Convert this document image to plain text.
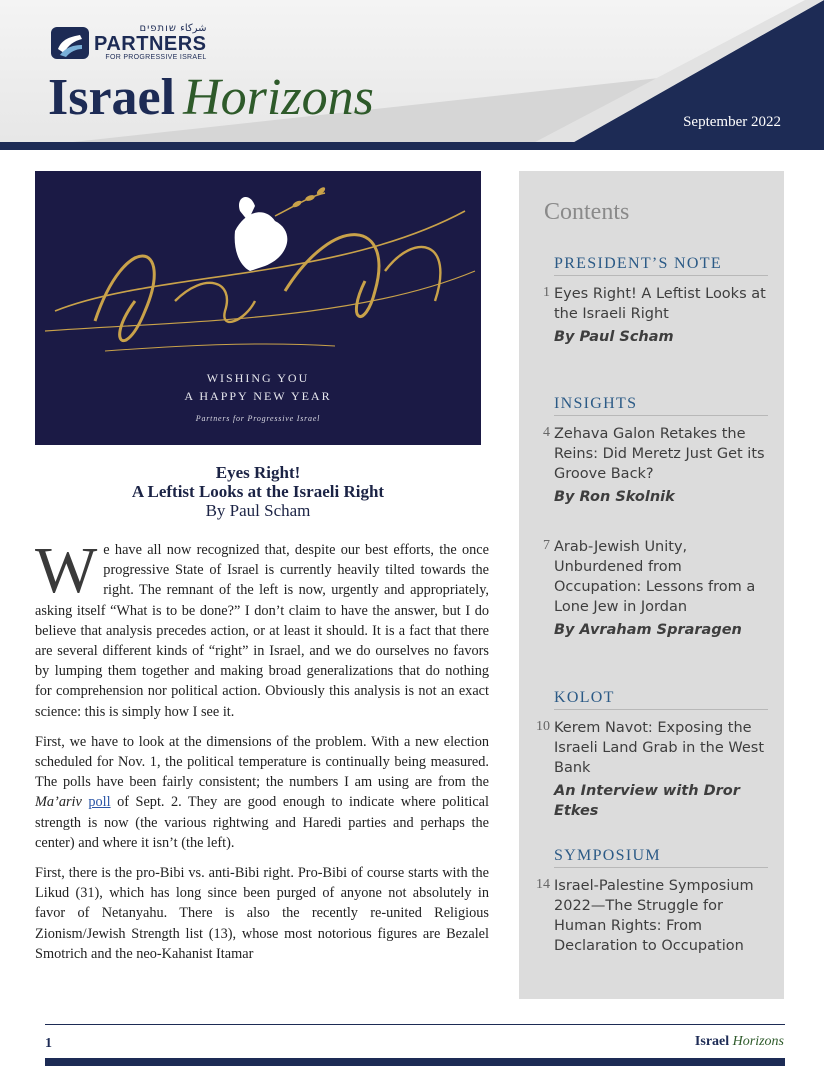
شركاء שותפים
PARTNERS
FOR PROGRESSIVE ISRAEL
Israel Horizons	September 2022
WISHING YOU
A HAPPY NEW YEAR
Partners for Progressive Israel
Eyes Right!
A Leftist Looks at the Israeli Right
By Paul Scham

We have all now recognized that, despite our best efforts, the once progressive State of Israel is currently heavily tilted towards the right. The remnant of the left is now, urgently and appropriately, asking itself “What is to be done?” I don’t claim to have the answer, but I do believe that analysis precedes action, or at least it should. It is a fact that there are several different kinds of “right” in Israel, and we do ourselves no favors by lumping them together and making broad generalizations that do nothing for comprehension nor political action. Obviously this analysis is not an exact science: this is simply how I see it.

First, we have to look at the dimensions of the problem. With a new election scheduled for Nov. 1, the political temperature is continually being measured. The polls have been fairly consistent; the numbers I am using are from the Ma’ariv poll of Sept. 2. They are good enough to indicate where political strength is now (the various rightwing and Haredi parties and perhaps the center) and where it isn’t (the left).

First, there is the pro-Bibi vs. anti-Bibi right. Pro-Bibi of course starts with the Likud (31), which has long since been purged of anyone not absolutely in favor of Netanyahu. There is also the recently re-united Religious Zionism/Jewish Strength list (13), whose most notorious figures are Bezalel Smotrich and the neo-Kahanist Itamar

Contents
PRESIDENT’S NOTE
1 Eyes Right! A Leftist Looks at the Israeli Right
By Paul Scham
INSIGHTS
4 Zehava Galon Retakes the Reins: Did Meretz Just Get its Groove Back?
By Ron Skolnik
7 Arab-Jewish Unity, Unburdened from Occupation: Lessons from a Lone Jew in Jordan
By Avraham Spraragen
KOLOT
10 Kerem Navot: Exposing the Israeli Land Grab in the West Bank
An Interview with Dror Etkes
SYMPOSIUM
14 Israel-Palestine Symposium 2022—The Struggle for Human Rights: From Declaration to Occupation
1	Israel Horizons
